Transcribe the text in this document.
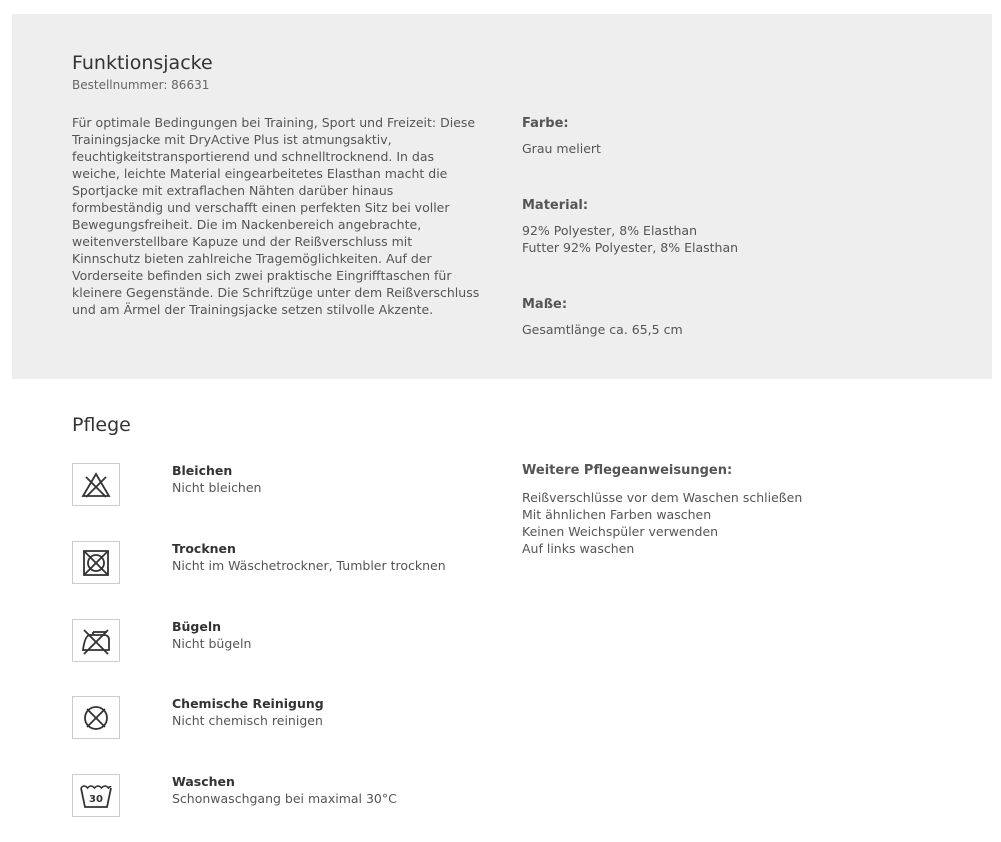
Funktionsjacke
Bestellnummer: 86631
Für optimale Bedingungen bei Training, Sport und Freizeit: Diese Trainingsjacke mit DryActive Plus ist atmungsaktiv, feuchtigkeitstransportierend und schnelltrocknend. In das weiche, leichte Material eingearbeitetes Elasthan macht die Sportjacke mit extraflachen Nähten darüber hinaus formbeständig und verschafft einen perfekten Sitz bei voller Bewegungsfreiheit. Die im Nackenbereich angebrachte, weitenverstellbare Kapuze und der Reißverschluss mit Kinnschutz bieten zahlreiche Tragemöglichkeiten. Auf der Vorderseite befinden sich zwei praktische Eingrifftaschen für kleinere Gegenstände. Die Schriftzüge unter dem Reißverschluss und am Ärmel der Trainingsjacke setzen stilvolle Akzente.
Farbe:
Grau meliert
Material:
92% Polyester, 8% Elasthan
Futter 92% Polyester, 8% Elasthan
Maße:
Gesamtlänge ca. 65,5 cm
Pflege
Bleichen
Nicht bleichen
Trocknen
Nicht im Wäschetrockner, Tumbler trocknen
Bügeln
Nicht bügeln
Chemische Reinigung
Nicht chemisch reinigen
30
Waschen
Schonwaschgang bei maximal 30°C
Weitere Pflegeanweisungen:
Reißverschlüsse vor dem Waschen schließen
Mit ähnlichen Farben waschen
Keinen Weichspüler verwenden
Auf links waschen
